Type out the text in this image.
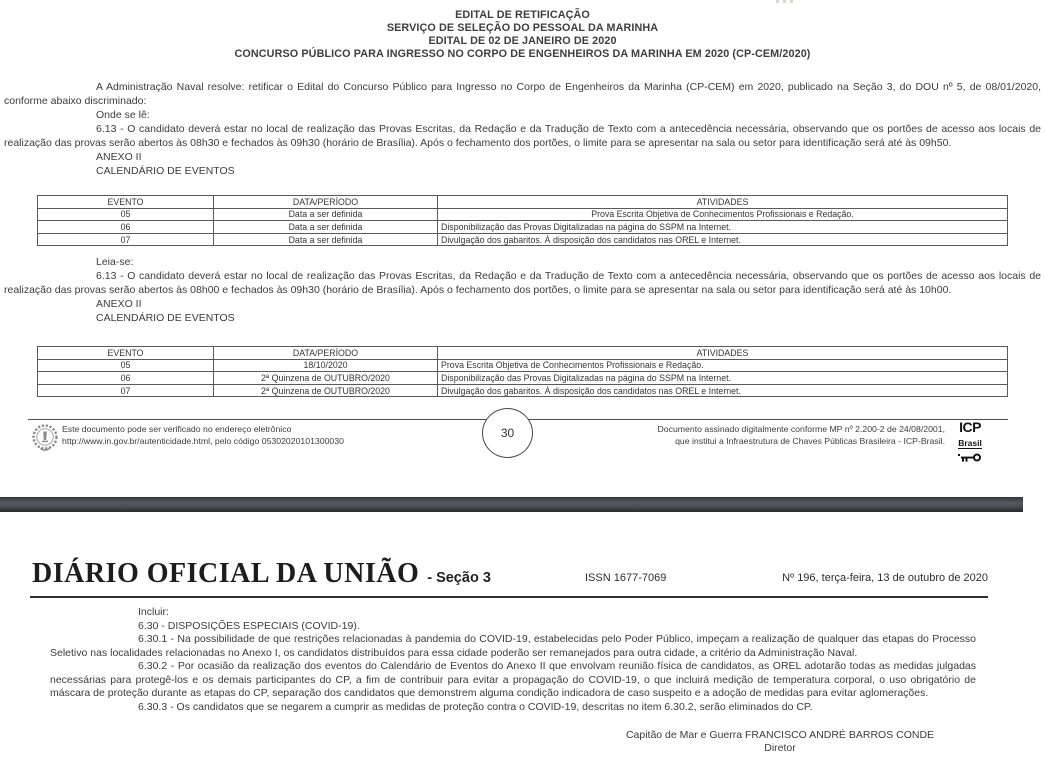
EDITAL DE RETIFICAÇÃO
SERVIÇO DE SELEÇÃO DO PESSOAL DA MARINHA
EDITAL DE 02 DE JANEIRO DE 2020
CONCURSO PÚBLICO PARA INGRESSO NO CORPO DE ENGENHEIROS DA MARINHA EM 2020 (CP-CEM/2020)

A Administração Naval resolve: retificar o Edital do Concurso Público para Ingresso no Corpo de Engenheiros da Marinha (CP-CEM) em 2020, publicado na Seção 3, do DOU nº 5, de 08/01/2020, conforme abaixo discriminado:

Onde se lê:

6.13 - O candidato deverá estar no local de realização das Provas Escritas, da Redação e da Tradução de Texto com a antecedência necessária, observando que os portões de acesso aos locais de realização das provas serão abertos às 08h30 e fechados às 09h30 (horário de Brasília). Após o fechamento dos portões, o limite para se apresentar na sala ou setor para identificação será até às 09h50.

ANEXO II
CALENDÁRIO DE EVENTOS
EVENTO	DATA/PERÍODO	ATIVIDADES
05	Data a ser definida	Prova Escrita Objetiva de Conhecimentos Profissionais e Redação.
06	Data a ser definida	Disponibilização das Provas Digitalizadas na página do SSPM na Internet.
07	Data a ser definida	Divulgação dos gabaritos. À disposição dos candidatos nas OREL e Internet.
Leia-se:

6.13 - O candidato deverá estar no local de realização das Provas Escritas, da Redação e da Tradução de Texto com a antecedência necessária, observando que os portões de acesso aos locais de realização das provas serão abertos às 08h00 e fechados às 09h30 (horário de Brasília). Após o fechamento dos portões, o limite para se apresentar na sala ou setor para identificação será até às 10h00.

ANEXO II
CALENDÁRIO DE EVENTOS
EVENTO	DATA/PERÍODO	ATIVIDADES
05	18/10/2020	Prova Escrita Objetiva de Conhecimentos Profissionais e Redação.
06	2ª Quinzena de OUTUBRO/2020	Disponibilização das Provas Digitalizadas na página do SSPM na Internet.
07	2ª Quinzena de OUTUBRO/2020	Divulgação dos gabaritos. À disposição dos candidatos nas OREL e Internet.
Este documento pode ser verificado no endereço eletrônico
http://www.in.gov.br/autenticidade.html, pelo código 05302020101300030
30	Documento assinado digitalmente conforme MP nº 2.200-2 de 24/08/2001,
que institui a Infraestrutura de Chaves Públicas Brasileira - ICP-Brasil.
ICP
Brasil
DIÁRIO OFICIAL DA UNIÃO - Seção 3	ISSN 1677-7069	Nº 196, terça-feira, 13 de outubro de 2020
Incluir:
6.30 - DISPOSIÇÕES ESPECIAIS (COVID-19).

6.30.1 - Na possibilidade de que restrições relacionadas à pandemia do COVID-19, estabelecidas pelo Poder Público, impeçam a realização de qualquer das etapas do Processo Seletivo nas localidades relacionadas no Anexo I, os candidatos distribuídos para essa cidade poderão ser remanejados para outra cidade, a critério da Administração Naval.

6.30.2 - Por ocasião da realização dos eventos do Calendário de Eventos do Anexo II que envolvam reunião física de candidatos, as OREL adotarão todas as medidas julgadas necessárias para protegê-los e os demais participantes do CP, a fim de contribuir para evitar a propagação do COVID-19, o que incluirá medição de temperatura corporal, o uso obrigatório de máscara de proteção durante as etapas do CP, separação dos candidatos que demonstrem alguma condição indicadora de caso suspeito e a adoção de medidas para evitar aglomerações.

6.30.3 - Os candidatos que se negarem a cumprir as medidas de proteção contra o COVID-19, descritas no item 6.30.2, serão eliminados do CP.

Capitão de Mar e Guerra FRANCISCO ANDRÉ BARROS CONDE
Diretor
